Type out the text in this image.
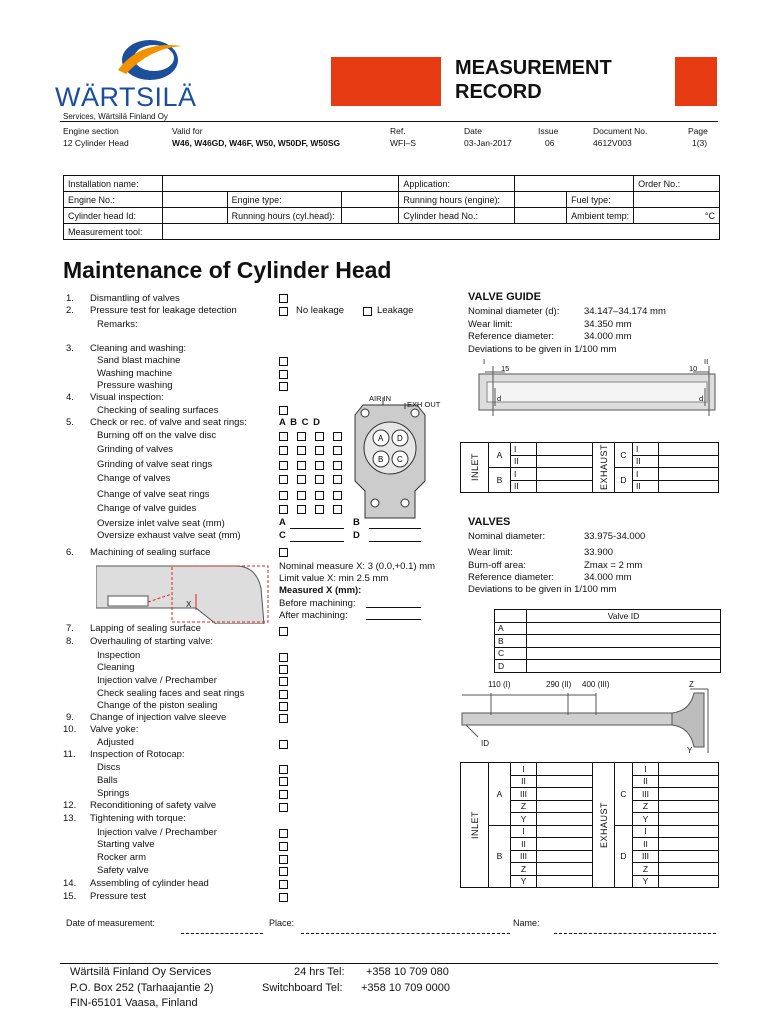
WÄRTSILÄ
Services, Wärtsilä Finland Oy
MEASUREMENT
RECORD
Engine section	Valid for	Ref.	Date	Issue	Document No.	Page
12 Cylinder Head	W46, W46GD, W46F, W50, W50DF, W50SG	WFI–S	03-Jan-2017	06	4612V003	1(3)
Installation name:				Application:			Order No.:
Engine No.:		Engine type:		Running hours (engine):		Fuel type:	
Cylinder head Id:		Running hours (cyl.head):		Cylinder head No.:		Ambient temp:	°C
Measurement tool:							
Maintenance of Cylinder Head
1. Dismantling of valves
2. Pressure test for leakage detection	No leakage	Leakage
Remarks:
3. Cleaning and washing:
Sand blast machine
Washing machine
Pressure washing
4. Visual inspection:
Checking of sealing surfaces
5. Check or rec. of valve and seat rings:	A B C D
Burning off on the valve disc
Grinding of valves
Grinding of valve seat rings
Change of valves
Change of valve seat rings
Change of valve guides
Oversize inlet valve seat (mm)	A	B
Oversize exhaust valve seat (mm)	C	D
6. Machining of sealing surface
Nominal measure X: 3 (0.0,+0.1) mm
Limit value X: min 2.5 mm
Measured X (mm):
Before machining:
After machining:
7. Lapping of sealing surface
8. Overhauling of starting valve:
Inspection
Cleaning
Injection valve / Prechamber
Check sealing faces and seat rings
Change of the piston sealing
9. Change of injection valve sleeve
10. Valve yoke:
Adjusted
11. Inspection of Rotocap:
Discs
Balls
Springs
12. Reconditioning of safety valve
13. Tightening with torque:
Injection valve / Prechamber
Starting valve
Rocker arm
Safety valve
14. Assembling of cylinder head
15. Pressure test
A D
B C
AIR IN
EXH OUT
X
VALVE GUIDE
Nominal diameter (d):	34.147–34.174 mm
Wear limit:	34.350 mm
Reference diameter:	34.000 mm
Deviations to be given in 1/100 mm
15	10
I	II
d	d
INLET	A	I		EXHAUST	C	I	
		II				II	
	B	I			D	I	
		II				II	
VALVES
Nominal diameter:	33.975-34.000
Wear limit:	33.900
Burn-off area:	Zmax = 2 mm
Reference diameter:	34.000 mm
Deviations to be given in 1/100 mm
	Valve ID
A	
B	
C	
D	
110 (I)	290 (II) 400 (III)	Z
Y
ID
INLET	A	I		EXHAUST	C	I	
		II				II	
		III				III	
		Z				Z	
		Y				Y	
	B	I			D	I	
		II				II	
		III				III	
		Z				Z	
		Y				Y	
Date of measurement:	Place:	Name:
Wärtsilä Finland Oy Services
P.O. Box 252 (Tarhaajantie 2)
FIN-65101 Vaasa, Finland
24 hrs Tel: +358 10 709 080
Switchboard Tel: +358 10 709 0000
